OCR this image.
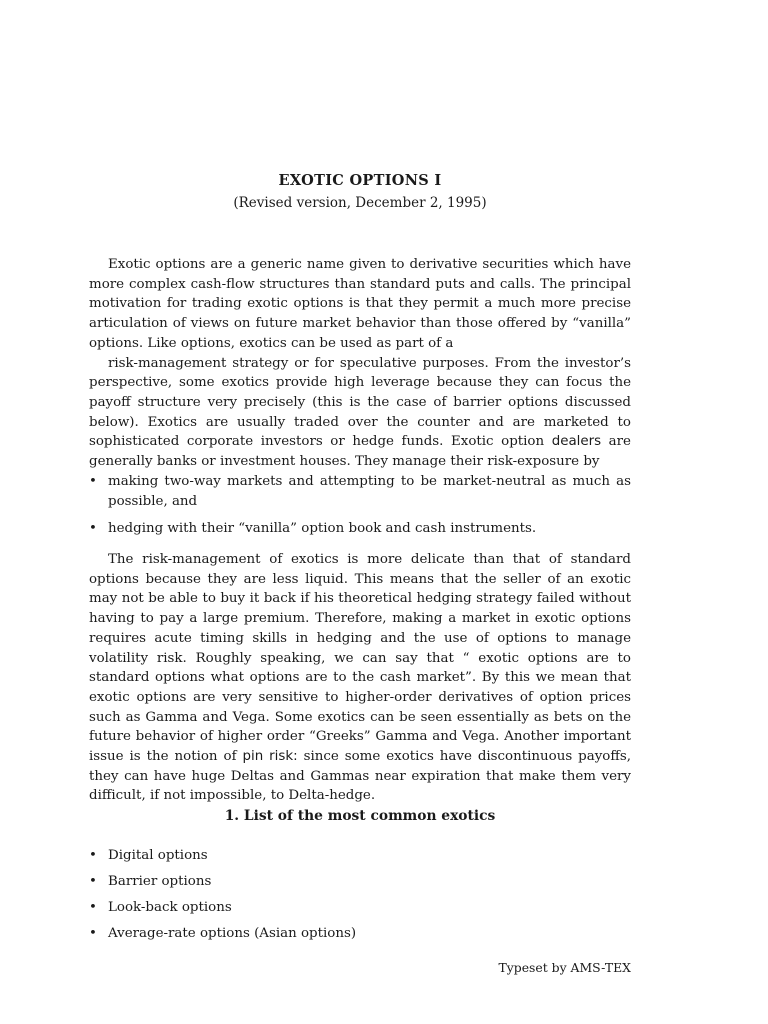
EXOTIC OPTIONS I
(Revised version, December 2, 1995)

Exotic options are a generic name given to derivative securities which have more complex cash-flow structures than standard puts and calls. The principal motivation for trading exotic options is that they permit a much more precise articulation of views on future market behavior than those offered by “vanilla” options. Like options, exotics can be used as part of a

risk-management strategy or for speculative purposes. From the investor’s perspective, some exotics provide high leverage because they can focus the payoff structure very precisely (this is the case of barrier options discussed below). Exotics are usually traded over the counter and are marketed to sophisticated corporate investors or hedge funds. Exotic option dealers are generally banks or investment houses. They manage their risk-exposure by

• making two-way markets and attempting to be market-neutral as much as possible, and
• hedging with their “vanilla” option book and cash instruments.

The risk-management of exotics is more delicate than that of standard options because they are less liquid. This means that the seller of an exotic may not be able to buy it back if his theoretical hedging strategy failed without having to pay a large premium. Therefore, making a market in exotic options requires acute timing skills in hedging and the use of options to manage volatility risk. Roughly speaking, we can say that “ exotic options are to standard options what options are to the cash market”. By this we mean that exotic options are very sensitive to higher-order derivatives of option prices such as Gamma and Vega. Some exotics can be seen essentially as bets on the future behavior of higher order “Greeks” Gamma and Vega. Another important issue is the notion of pin risk: since some exotics have discontinuous payoffs, they can have huge Deltas and Gammas near expiration that make them very difficult, if not impossible, to Delta-hedge.

1. List of the most common exotics
• Digital options
• Barrier options
• Look-back options
• Average-rate options (Asian options)
Typeset by AMS-TEX
